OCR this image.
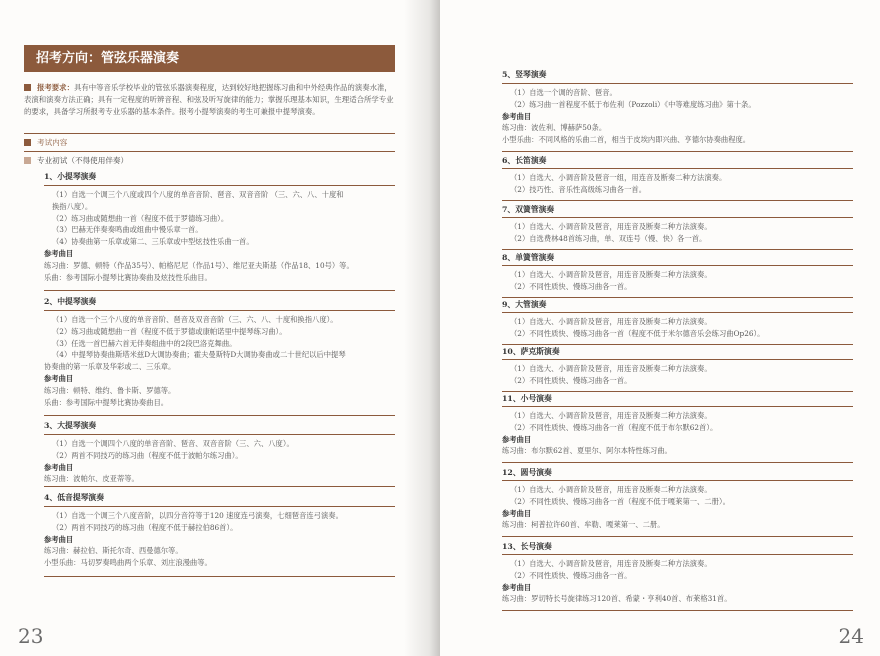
招考方向：管弦乐器演奏
报考要求：具有中等音乐学校毕业的管弦乐器演奏程度，达到较好地把握练习曲和中外经典作品的演奏水准，表演和演奏方法正确；具有一定程度的听辨音程、和弦及听写旋律的能力；掌握乐理基本知识，生理适合所学专业的要求，具备学习所报考专业乐器的基本条件。报考小提琴演奏的考生可兼报中提琴演奏。
考试内容
专业初试（不得使用伴奏）
1、小提琴演奏
（1）自选一个调三个八度或四个八度的单音音阶、琶音、双音音阶 （三、六、八、十度和
换指八度）。
（2）练习曲或随想曲一首（程度不低于罗德练习曲）。
（3）巴赫无伴奏奏鸣曲或组曲中慢乐章一首。
（4）协奏曲第一乐章或第二、三乐章或中型炫技性乐曲一首。
参考曲目
练习曲：罗德、顿特（作品35号）、帕格尼尼（作品1号）、维尼亚夫斯基（作品18、10号）等。
乐曲：参考国际小提琴比赛协奏曲及炫技性乐曲目。
2、中提琴演奏
（1）自选一个三个八度的单音音阶、琶音及双音音阶（三、六、八、十度和换指八度）。
（2）练习曲或随想曲一首（程度不低于罗德或康帕诺里中提琴练习曲）。
（3）任选一首巴赫六首无伴奏组曲中的2段巴洛克舞曲。
（4）中提琴协奏曲斯塔米兹D大调协奏曲；霍夫曼斯特D大调协奏曲或二十世纪以后中提琴
协奏曲的第一乐章及华彩或二、三乐章。
参考曲目
练习曲：顿特、维约、鲁卡斯、罗德等。
乐曲：参考国际中提琴比赛协奏曲目。
3、大提琴演奏
（1）自选一个调四个八度的单音音阶、琶音、双音音阶（三、六、八度）。
（2）两首不同技巧的练习曲（程度不低于波帕尔练习曲）。
参考曲目
练习曲：波帕尔、皮亚蒂等。
4、低音提琴演奏
（1）自选一个调三个八度音阶，以四分音符等于120 速度连弓演奏，七细琶音连弓演奏。
（2）两首不同技巧的练习曲（程度不低于赫拉伯86首）。
参考曲目
练习曲：赫拉伯、斯托尔奇、西曼德尔等。
小型乐曲：马切罗奏鸣曲两个乐章、刘庄浪漫曲等。
23
5、竖琴演奏
（1）自选一个调的音阶、琶音。
（2）练习曲一首程度不低于布佐利（Pozzoli）《中等难度练习曲》第十条。
参考曲目
练习曲：波佐利、博赫萨50条。
小型乐曲：不同风格的乐曲二首，相当于皮埃内即兴曲、亨德尔协奏曲程度。
6、长笛演奏
（1）自选大、小调音阶及琶音一组，用连音及断奏二种方法演奏。
（2）技巧性、音乐性高级练习曲各一首。
7、双簧管演奏
（1）自选大、小调音阶及琶音，用连音及断奏二种方法演奏。
（2）自选费林48首练习曲，单、双连号（慢、快）各一首。
8、单簧管演奏
（1）自选大、小调音阶及琶音，用连音及断奏二种方法演奏。
（2）不同性质快、慢练习曲各一首。
9、大管演奏
（1）自选大、小调音阶及琶音，用连音及断奏二种方法演奏。
（2）不同性质快、慢练习曲各一首（程度不低于米尔德音乐会练习曲Op26）。
10、萨克斯演奏
（1）自选大、小调音阶及琶音，用连音及断奏二种方法演奏。
（2）不同性质快、慢练习曲各一首。
11、小号演奏
（1）自选大、小调音阶及琶音，用连音及断奏二种方法演奏。
（2）不同性质快、慢练习曲各一首（程度不低于布尔默62首）。
参考曲目
练习曲：布尔默62首、夏里尔、阿尔本特性练习曲。
12、圆号演奏
（1）自选大、小调音阶及琶音，用连音及断奏二种方法演奏。
（2）不同性质快、慢练习曲各一首（程度不低于嘎莱第一、二册）。
参考曲目
练习曲：柯普拉许60首、牟勒、嘎莱第一、二册。
13、长号演奏
（1）自选大、小调音阶及琶音，用连音及断奏二种方法演奏。
（2）不同性质快、慢练习曲各一首。
参考曲目
练习曲：罗切特长号旋律练习120首、希蒙・亨利40首、布莱格31首。
24
